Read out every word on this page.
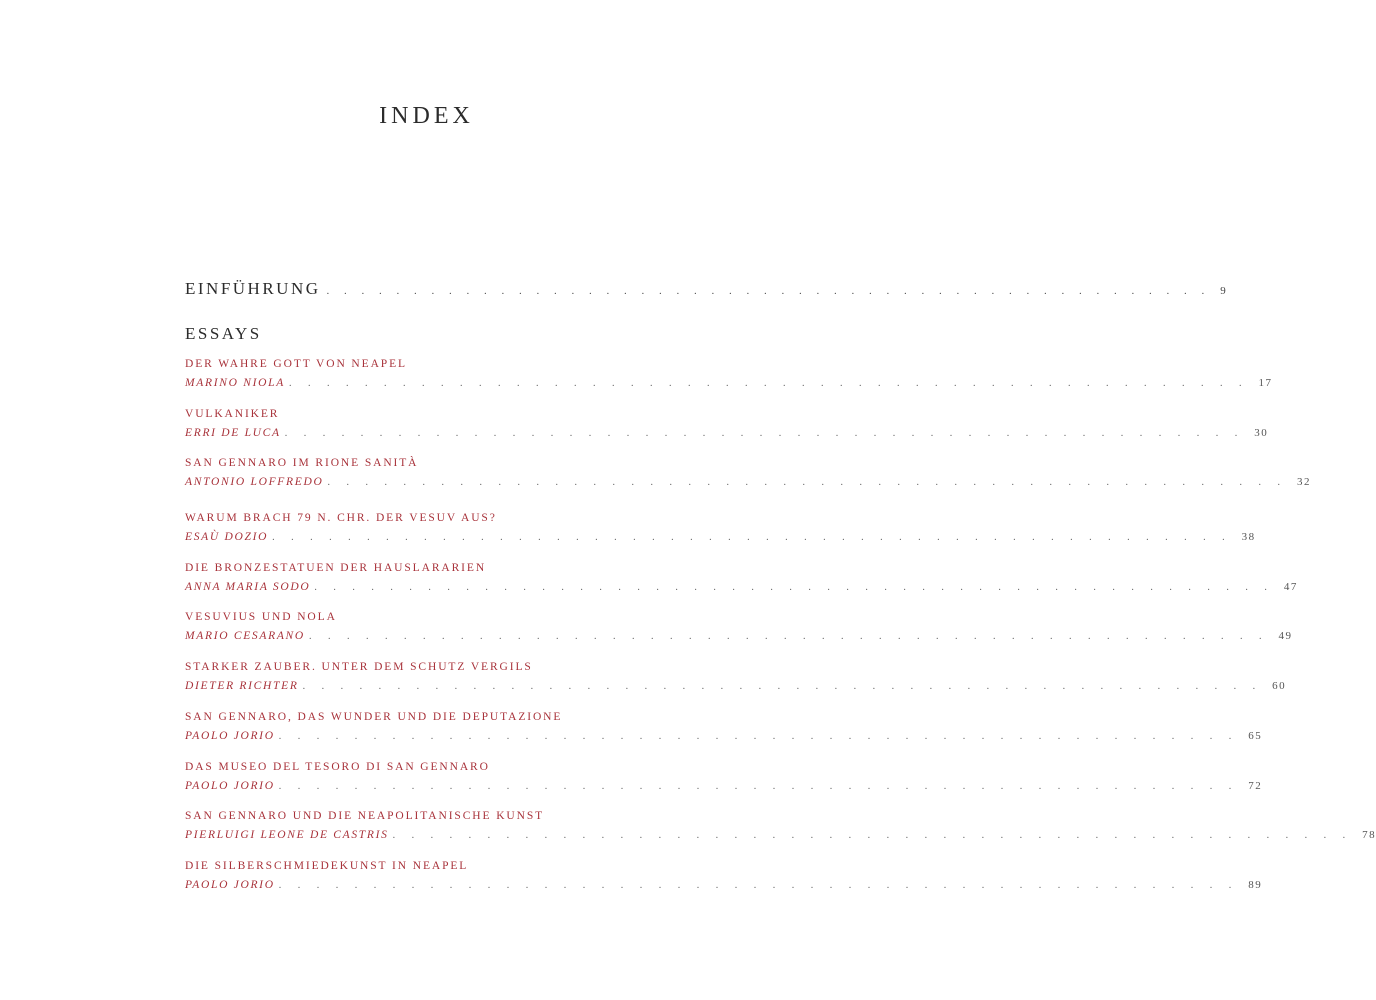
INDEX
EINFÜHRUNG . . . . . . . . . . . . . . . . . . . . . . . . . . . . . . . . . . . . . . . . . . . . . . . . . . . 9
ESSAYS
DER WAHRE GOTT VON NEAPEL
MARINO NIOLA . . . . . . . . . . . . . . . . . . . . . . . . . . . . . . . . . . . . . . . . . . . . . . . . . . . 17
VULKANIKER
ERRI DE LUCA . . . . . . . . . . . . . . . . . . . . . . . . . . . . . . . . . . . . . . . . . . . . . . . . . . . 30
SAN GENNARO IM RIONE SANITÀ
ANTONIO LOFFREDO . . . . . . . . . . . . . . . . . . . . . . . . . . . . . . . . . . . . . . . . . . . . . . . . . . . 32
WARUM BRACH 79 N. CHR. DER VESUV AUS?
ESAÙ DOZIO . . . . . . . . . . . . . . . . . . . . . . . . . . . . . . . . . . . . . . . . . . . . . . . . . . . 38
DIE BRONZESTATUEN DER HAUSLARARIEN
ANNA MARIA SODO . . . . . . . . . . . . . . . . . . . . . . . . . . . . . . . . . . . . . . . . . . . . . . . . . . . 47
VESUVIUS UND NOLA
MARIO CESARANO . . . . . . . . . . . . . . . . . . . . . . . . . . . . . . . . . . . . . . . . . . . . . . . . . . . 49
STARKER ZAUBER. UNTER DEM SCHUTZ VERGILS
DIETER RICHTER . . . . . . . . . . . . . . . . . . . . . . . . . . . . . . . . . . . . . . . . . . . . . . . . . . . 60
SAN GENNARO, DAS WUNDER UND DIE DEPUTAZIONE
PAOLO JORIO . . . . . . . . . . . . . . . . . . . . . . . . . . . . . . . . . . . . . . . . . . . . . . . . . . . 65
DAS MUSEO DEL TESORO DI SAN GENNARO
PAOLO JORIO . . . . . . . . . . . . . . . . . . . . . . . . . . . . . . . . . . . . . . . . . . . . . . . . . . . 72
SAN GENNARO UND DIE NEAPOLITANISCHE KUNST
PIERLUIGI LEONE DE CASTRIS . . . . . . . . . . . . . . . . . . . . . . . . . . . . . . . . . . . . . . . . . . . . . . . . . . . 78
DIE SILBERSCHMIEDEKUNST IN NEAPEL
PAOLO JORIO . . . . . . . . . . . . . . . . . . . . . . . . . . . . . . . . . . . . . . . . . . . . . . . . . . . 89
